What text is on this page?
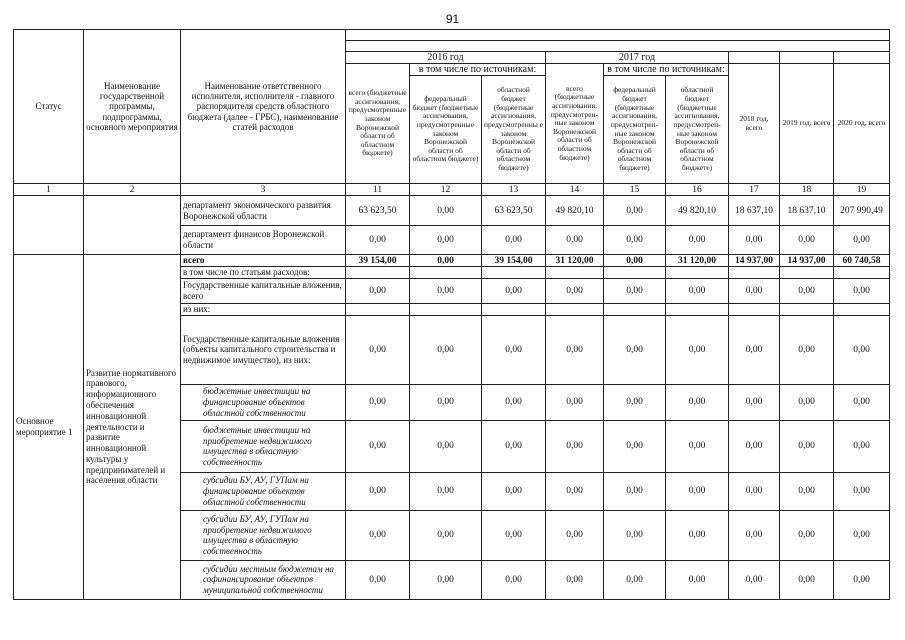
91
Статус	Наименование государственной программы, подпрограммы, основного мероприятия	Наименование ответственного исполнителя, исполнителя - главного распорядителя средств областного бюджета (далее - ГРБС), наименование статей расходов									

			2016 год			2017 год					
			всего (бюджетные ассигнования, предусмотренные законом Воронежской области об областном бюджете)	в том числе по источникам:		всего (бюджетные ассигнования, предусмотрен-ные законом Воронежской области об областном бюджете)	в том числе по источникам:		2018 год, всего	2019 год, всего	2020 год, всего
				федеральный бюджет (бюджетные ассигнования, предусмотренные законом Воронежской области об областном бюджете)	областной бюджет (бюджетные ассигнования, предусмотренны е законом Воронежской области об областном бюджете)		федеральный бюджет (бюджетные ассигнования, предусмотрен-ные законом Воронежской области об областном бюджете)	областной бюджет (бюджетные ассигнования, предусмотрен-ные законом Воронежской области об областном бюджете)			
1	2	3	11	12	13	14	15	16	17	18	19
		департамент экономического развития Воронежской области	63 623,50	0,00	63 623,50	49 820,10	0,00	49 820,10	18 637,10	18 637,10	207 990,49
		департамент финансов Воронежской области	0,00	0,00	0,00	0,00	0,00	0,00	0,00	0,00	0,00
Основное мероприятие 1	Развитие нормативного правового, информационного обеспечения инновационной деятельности и развитие инновационной культуры у предпринимателей и населения области	всего	39 154,00	0,00	39 154,00	31 120,00	0,00	31 120,00	14 937,00	14 937,00	60 740,58
		в том числе по статьям расходов:									
		Государственные капитальные вложения, всего	0,00	0,00	0,00	0,00	0,00	0,00	0,00	0,00	0,00
		из них:									
		Государственные капитальные вложения (объекты капитального строительства и недвижимое имущество), из них:	0,00	0,00	0,00	0,00	0,00	0,00	0,00	0,00	0,00
		бюджетные инвестиции на финансирование объектов областной собственности	0,00	0,00	0,00	0,00	0,00	0,00	0,00	0,00	0,00
		бюджетные инвестиции на приобретение недвижимого имущества в областную собственность	0,00	0,00	0,00	0,00	0,00	0,00	0,00	0,00	0,00
		субсидии БУ, АУ, ГУПам на финансирование объектов областной собственности	0,00	0,00	0,00	0,00	0,00	0,00	0,00	0,00	0,00
		субсидии БУ, АУ, ГУПам на приобретение недвижимого имущества в областную собственность	0,00	0,00	0,00	0,00	0,00	0,00	0,00	0,00	0,00
		субсидии местным бюджетам на софинансирование объектов муниципальной собственности	0,00	0,00	0,00	0,00	0,00	0,00	0,00	0,00	0,00
